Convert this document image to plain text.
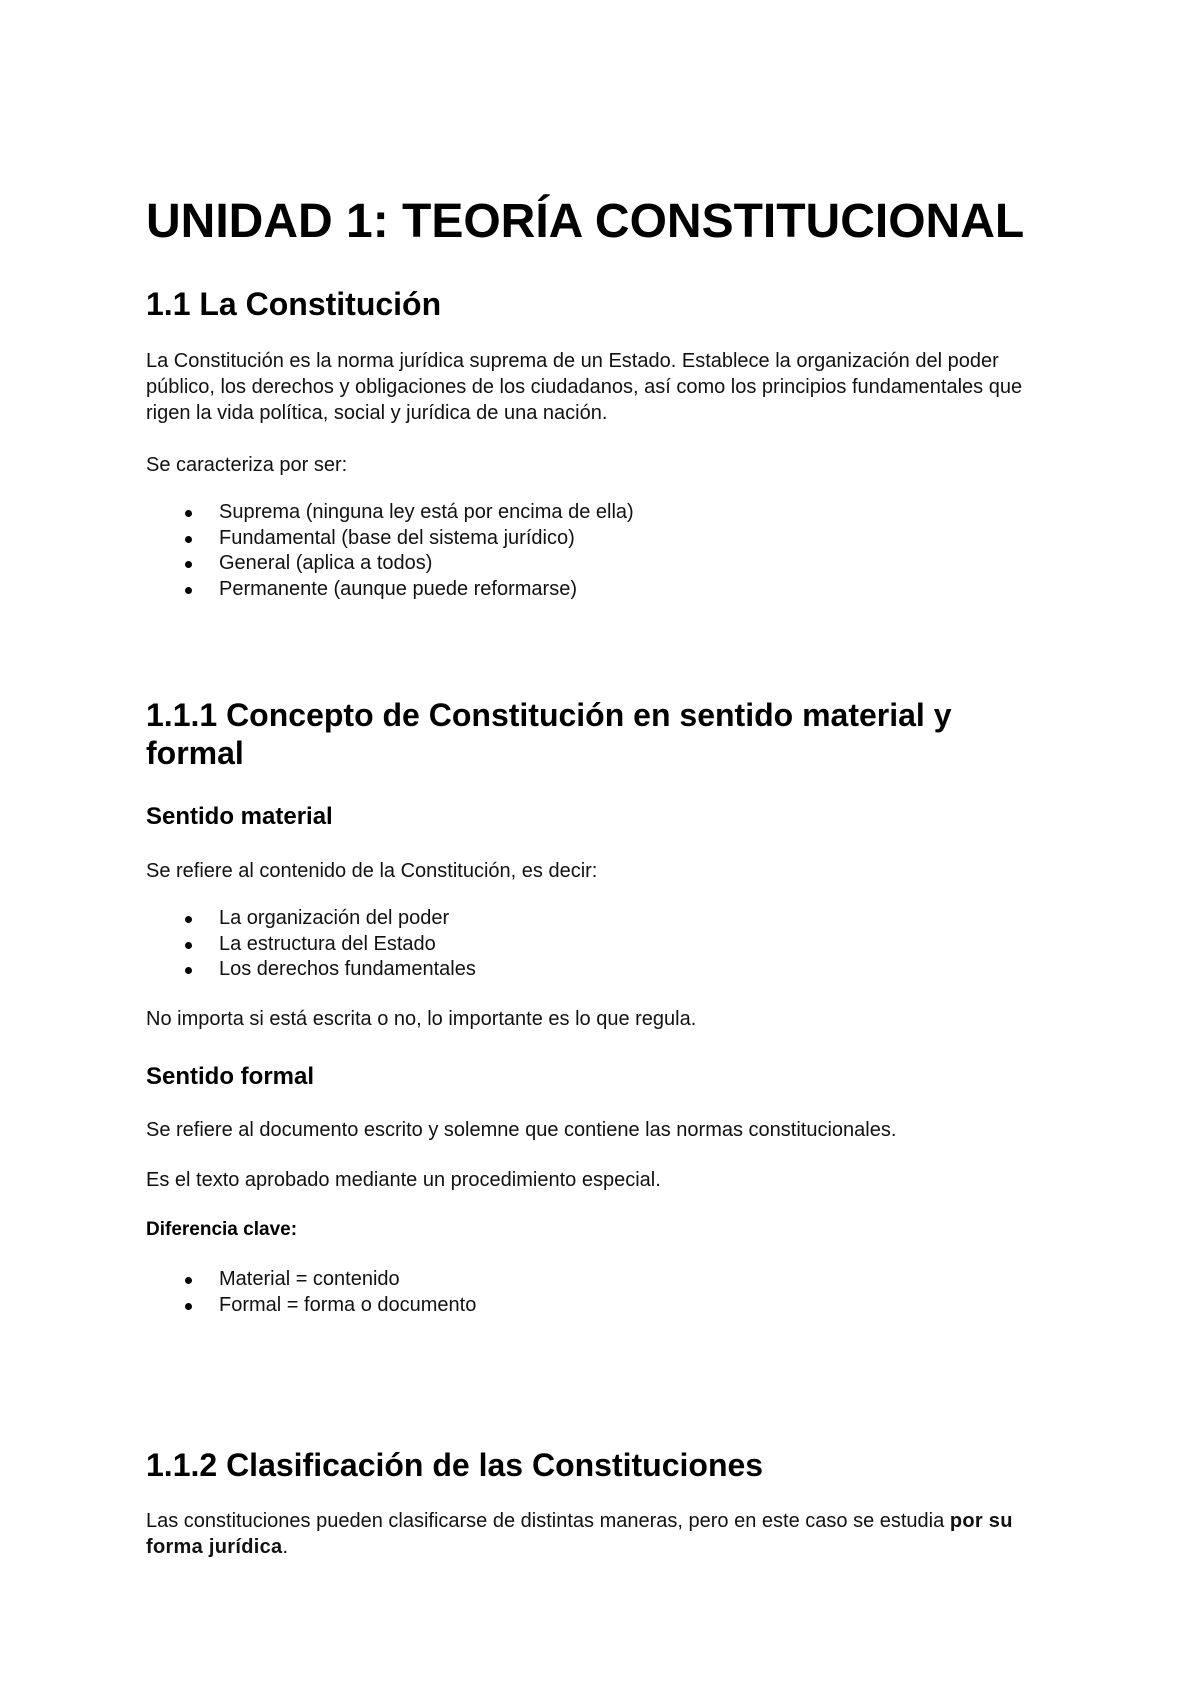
UNIDAD 1: TEORÍA CONSTITUCIONAL
1.1 La Constitución

La Constitución es la norma jurídica suprema de un Estado. Establece la organización del poder público, los derechos y obligaciones de los ciudadanos, así como los principios fundamentales que rigen la vida política, social y jurídica de una nación.

Se caracteriza por ser:

Suprema (ninguna ley está por encima de ella)
Fundamental (base del sistema jurídico)
General (aplica a todos)
Permanente (aunque puede reformarse)
1.1.1 Concepto de Constitución en sentido material y formal
Sentido material

Se refiere al contenido de la Constitución, es decir:

La organización del poder
La estructura del Estado
Los derechos fundamentales

No importa si está escrita o no, lo importante es lo que regula.

Sentido formal

Se refiere al documento escrito y solemne que contiene las normas constitucionales.

Es el texto aprobado mediante un procedimiento especial.

Diferencia clave:
Material = contenido
Formal = forma o documento
1.1.2 Clasificación de las Constituciones

Las constituciones pueden clasificarse de distintas maneras, pero en este caso se estudia por su forma jurídica.
